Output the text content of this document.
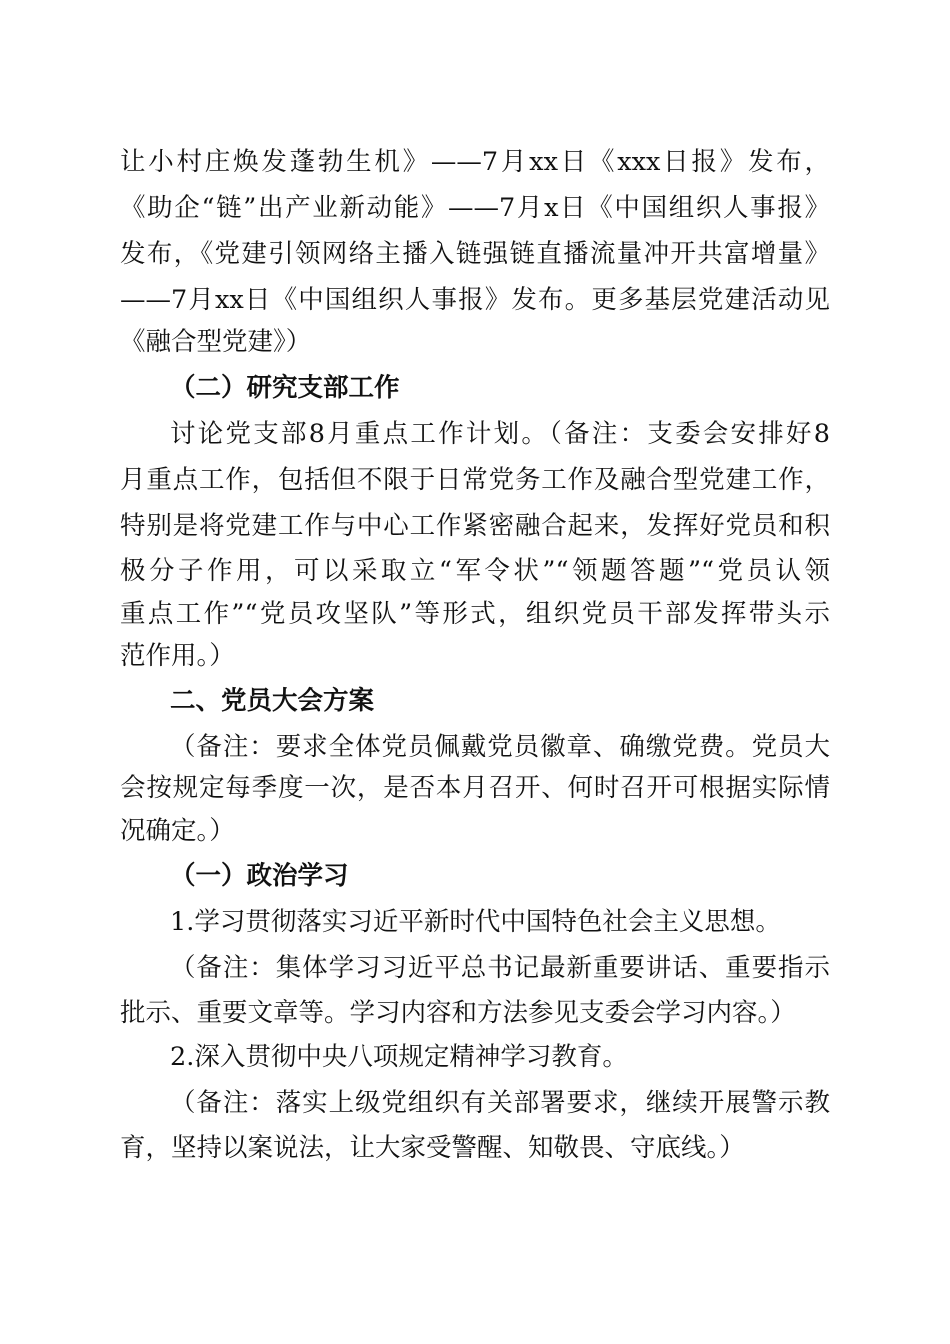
让小村庄焕发蓬勃生机》——7月xx日《xxx日报》发布，
《助企“链”出产业新动能》——7月x日《中国组织人事报》
发布，《党建引领网络主播入链强链直播流量冲开共富增量》
——7月xx日《中国组织人事报》发布。更多基层党建活动见
《融合型党建》）
（二）研究支部工作
讨论党支部8月重点工作计划。（备注：支委会安排好8
月重点工作，包括但不限于日常党务工作及融合型党建工作，
特别是将党建工作与中心工作紧密融合起来，发挥好党员和积
极分子作用，可以采取立“军令状”“领题答题”“党员认领
重点工作”“党员攻坚队”等形式，组织党员干部发挥带头示
范作用。）
二、党员大会方案
（备注：要求全体党员佩戴党员徽章、确缴党费。党员大
会按规定每季度一次，是否本月召开、何时召开可根据实际情
况确定。）
（一）政治学习
1.学习贯彻落实习近平新时代中国特色社会主义思想。
（备注：集体学习习近平总书记最新重要讲话、重要指示
批示、重要文章等。学习内容和方法参见支委会学习内容。）
2.深入贯彻中央八项规定精神学习教育。
（备注：落实上级党组织有关部署要求，继续开展警示教
育，坚持以案说法，让大家受警醒、知敬畏、守底线。）
